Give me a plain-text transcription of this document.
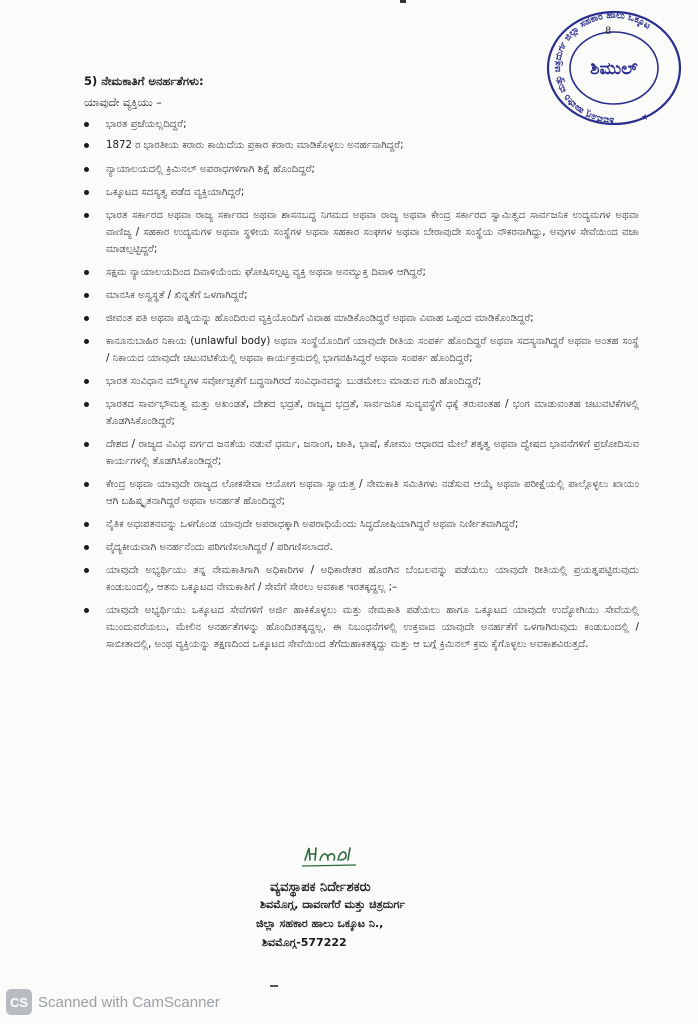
ಶಿವಮೊಗ್ಗ ಹಾವೇರಿ ಮತ್ತು ಚಿತ್ರದುರ್ಗ ಜಿಲ್ಲಾ ಸಹಕಾರ ಹಾಲು ಒಕ್ಕೂಟ
ಶಿಮುಲ್
★
8
5) ನೇಮಕಾತಿಗೆ ಅನರ್ಹತೆಗಳು:
ಯಾವುದೇ ವ್ಯಕ್ತಿಯು –
ಭಾರತ ಪ್ರಜೆಯಲ್ಲದಿದ್ದರೆ;
1872 ರ ಭಾರತೀಯ ಕರಾರು ಕಾಯಿದೆಯ ಪ್ರಕಾರ ಕರಾರು ಮಾಡಿಕೊಳ್ಳಲು ಅನರ್ಹನಾಗಿದ್ದರೆ;
ನ್ಯಾಯಾಲಯದಲ್ಲಿ ಕ್ರಿಮಿನಲ್ ಅಪರಾಧಗಳಿಗಾಗಿ ಶಿಕ್ಷೆ ಹೊಂದಿದ್ದರೆ;
ಒಕ್ಕೂಟದ ಸದಸ್ಯತ್ವ ಪಡೆದ ವ್ಯಕ್ತಿಯಾಗಿದ್ದರೆ;
ಭಾರತ ಸರ್ಕಾರದ ಅಥವಾ ರಾಜ್ಯ ಸರ್ಕಾರದ ಅಥವಾ ಶಾಸನಬದ್ಧ ನಿಗಮದ ಅಥವಾ ರಾಜ್ಯ ಅಥವಾ ಕೇಂದ್ರ ಸರ್ಕಾರದ ಸ್ವಾಮಿತ್ವದ ಸಾರ್ವಜನಿಕ ಉದ್ಯಮಗಳ ಅಥವಾ ವಾಣಿಜ್ಯ / ಸಹಕಾರ ಉದ್ಯಮಗಳ ಅಥವಾ ಸ್ಥಳೀಯ ಸಂಸ್ಥೆಗಳ ಅಥವಾ ಸಹಕಾರ ಸಂಘಗಳ ಅಥವಾ ಬೇರಾವುದೇ ಸಂಸ್ಥೆಯ ನೌಕರನಾಗಿದ್ದು, ಅವುಗಳ ಸೇವೆಯಿಂದ ವಜಾ ಮಾಡಲ್ಪಟ್ಟಿದ್ದರೆ;
ಸಕ್ಷಮ ನ್ಯಾಯಾಲಯದಿಂದ ದಿವಾಳಿಯೆಂದು ಘೋಷಿಸಲ್ಪಟ್ಟ ವ್ಯಕ್ತಿ ಅಥವಾ ಅನಮ್ಯುಕ್ತ ದಿವಾಳಿ ಆಗಿದ್ದರೆ;
ಮಾನಸಿಕ ಅಸ್ವಸ್ಥತೆ / ಖಿನ್ನತೆಗೆ ಒಳಗಾಗಿದ್ದರೆ;
ಜೀವಂತ ಪತಿ ಅಥವಾ ಪತ್ನಿಯನ್ನು ಹೊಂದಿರುವ ವ್ಯಕ್ತಿಯೊಂದಿಗೆ ವಿವಾಹ ಮಾಡಿಕೊಂಡಿದ್ದರೆ ಅಥವಾ ವಿವಾಹ ಒಪ್ಪಂದ ಮಾಡಿಕೊಂಡಿದ್ದರೆ;
ಕಾನೂನುಬಾಹಿರ ನಿಕಾಯ (unlawful body) ಅಥವಾ ಸಂಸ್ಥೆಯೊಂದಿಗೆ ಯಾವುದೇ ರೀತಿಯ ಸಂಪರ್ಕ ಹೊಂದಿದ್ದರೆ ಅಥವಾ ಸದಸ್ಯನಾಗಿದ್ದರೆ ಅಥವಾ ಅಂತಹ ಸಂಸ್ಥೆ / ನಿಕಾಯದ ಯಾವುದೇ ಚಟುವಟಿಕೆಯಲ್ಲಿ ಅಥವಾ ಕಾರ್ಯಕ್ರಮದಲ್ಲಿ ಭಾಗವಹಿಸಿದ್ದರೆ ಅಥವಾ ಸಂಪರ್ಕ ಹೊಂದಿದ್ದರೆ;
ಭಾರತ ಸಂವಿಧಾನ ಮೌಲ್ಯಗಳ ಸರ್ವೋಚ್ಛತೆಗೆ ಬದ್ಧನಾಗಿರದೆ ಸಂವಿಧಾನವನ್ನು ಬುಡಮೇಲು ಮಾಡುವ ಗುರಿ ಹೊಂದಿದ್ದರೆ;
ಭಾರತದ ಸಾರ್ವಭೌಮತ್ವ ಮತ್ತು ಅಖಂಡತೆ, ದೇಶದ ಭದ್ರತೆ, ರಾಜ್ಯದ ಭದ್ರತೆ, ಸಾರ್ವಜನಿಕ ಸುವ್ಯವಸ್ಥೆಗೆ ಧಕ್ಕೆ ತರುವಂತಹ / ಭಂಗ ಮಾಡುವಂತಹ ಚಟುವಟಿಕೆಗಳಲ್ಲಿ ತೊಡಗಿಸಿಕೊಂಡಿದ್ದರೆ;
ದೇಶದ / ರಾಜ್ಯದ ವಿವಿಧ ವರ್ಗದ ಜನತೆಯ ನಡುವೆ ಧರ್ಮ, ಜನಾಂಗ, ಜಾತಿ, ಭಾಷೆ, ಕೋಮು ಆಧಾರದ ಮೇಲೆ ಶತೃತ್ವ ಅಥವಾ ದ್ವೇಷದ ಭಾವನೆಗಳಿಗೆ ಪ್ರಚೋದಿಸುವ ಕಾರ್ಯಗಳಲ್ಲಿ ತೊಡಗಿಸಿಕೊಂಡಿದ್ದರೆ;
ಕೇಂದ್ರ ಅಥವಾ ಯಾವುದೇ ರಾಜ್ಯದ ಲೋಕಸೇವಾ ಆಯೋಗ ಅಥವಾ ಸ್ವಾಯತ್ತ / ನೇಮಕಾತಿ ಸಮಿತಿಗಳು ನಡೆಸುವ ಆಯ್ಕೆ ಅಥವಾ ಪರೀಕ್ಷೆಯಲ್ಲಿ ಪಾಲ್ಗೊಳ್ಳಲು ಖಾಯಂ ಆಗಿ ಬಹಿಷ್ಕೃತನಾಗಿದ್ದರೆ ಅಥವಾ ಅನರ್ಹತೆ ಹೊಂದಿದ್ದರೆ;
ನೈತಿಕ ಅಧಃಪತನವನ್ನು ಒಳಗೊಂಡ ಯಾವುದೇ ಅಪರಾಧಕ್ಕಾಗಿ ಅಪರಾಧಿಯೆಂದು ಸಿದ್ಧದೋಷಿಯಾಗಿದ್ದರೆ ಅಥವಾ ನಿರ್ಣೀತವಾಗಿದ್ದರೆ;
ವೈದ್ಯಕೀಯವಾಗಿ ಅನರ್ಹನೆಂದು ಪರಿಗಣಿಸಲಾಗಿದ್ದರೆ / ಪರಿಗಣಿಸಲಾದರೆ.
ಯಾವುದೇ ಅಭ್ಯರ್ಥಿಯು ತನ್ನ ನೇಮಕಾತಿಗಾಗಿ ಅಧಿಕಾರಿಗಳ / ಅಧಿಕಾರೇತರ ಹೊರಗಿನ ಬೆಂಬಲವನ್ನು ಪಡೆಯಲು ಯಾವುದೇ ರೀತಿಯಲ್ಲಿ ಪ್ರಯತ್ನಪಟ್ಟಿರುವುದು ಕಂಡುಬಂದಲ್ಲಿ, ಆತನು ಒಕ್ಕೂಟದ ನೇಮಕಾತಿಗೆ / ಸೇವೆಗೆ ಸೇರಲು ಅವಕಾಶ ಇರತಕ್ಕದ್ದಲ್ಲ ;–
ಯಾವುದೇ ಅಭ್ಯರ್ಥಿಯು ಒಕ್ಕೂಟದ ಸೇವೆಗಳಿಗೆ ಅರ್ಜಿ ಹಾಕಿಕೊಳ್ಳಲು ಮತ್ತು ನೇಮಕಾತಿ ಪಡೆಯಲು ಹಾಗೂ ಒಕ್ಕೂಟದ ಯಾವುದೇ ಉದ್ಯೋಗಿಯು ಸೇವೆಯಲ್ಲಿ ಮುಂದುವರೆಯಲು, ಮೇಲಿನ ಅನರ್ಹತೆಗಳನ್ನು ಹೊಂದಿರತಕ್ಕದ್ದಲ್ಲ. ಈ ನಿಬಂಧನೆಗಳಲ್ಲಿ ಉಕ್ತವಾದ ಯಾವುದೇ ಅನರ್ಹತೆಗೆ ಒಳಗಾಗಿರುವುದು ಕಂಡುಬಂದಲ್ಲಿ / ಸಾಬೀತಾದಲ್ಲಿ, ಅಂಥ ವ್ಯಕ್ತಿಯನ್ನು ತಕ್ಷಣದಿಂದ ಒಕ್ಕೂಟದ ಸೇವೆಯಿಂದ ತೆಗೆದುಹಾಕತಕ್ಕದ್ದು ಮತ್ತು ಆ ಬಗ್ಗೆ ಕ್ರಿಮಿನಲ್ ಕ್ರಮ ಕೈಗೊಳ್ಳಲು ಅವಕಾಶವಿರುತ್ತದೆ.
ವ್ಯವಸ್ಥಾಪಕ ನಿರ್ದೇಶಕರು
ಶಿವಮೊಗ್ಗ, ದಾವಣಗೆರೆ ಮತ್ತು ಚಿತ್ರದುರ್ಗ
ಜಿಲ್ಲಾ ಸಹಕಾರ ಹಾಲು ಒಕ್ಕೂಟ ನಿ.,
ಶಿವಮೊಗ್ಗ-577222
CS Scanned with CamScanner
